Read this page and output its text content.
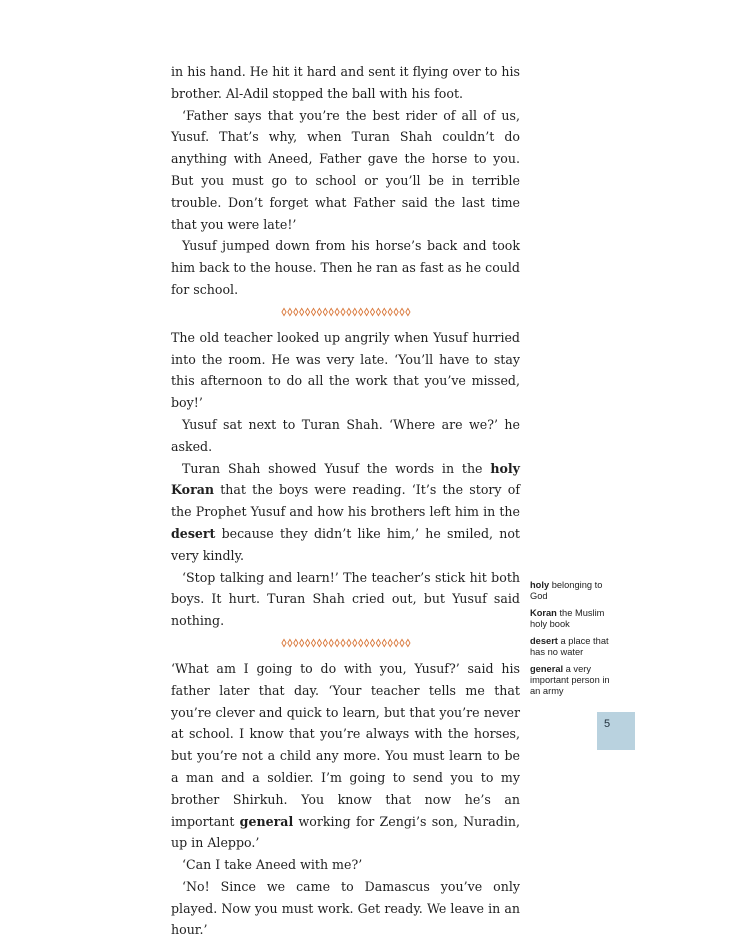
in his hand. He hit it hard and sent it flying over to his brother. Al-Adil stopped the ball with his foot.

‘Father says that you’re the best rider of all of us, Yusuf. That’s why, when Turan Shah couldn’t do anything with Aneed, Father gave the horse to you. But you must go to school or you’ll be in terrible trouble. Don’t forget what Father said the last time that you were late!’

Yusuf jumped down from his horse’s back and took him back to the house. Then he ran as fast as he could for school.

The old teacher looked up angrily when Yusuf hurried into the room. He was very late. ‘You’ll have to stay this afternoon to do all the work that you’ve missed, boy!’

Yusuf sat next to Turan Shah. ‘Where are we?’ he asked.

Turan Shah showed Yusuf the words in the holy Koran that the boys were reading. ‘It’s the story of the Prophet Yusuf and how his brothers left him in the desert because they didn’t like him,’ he smiled, not very kindly.

‘Stop talking and learn!’ The teacher’s stick hit both boys. It hurt. Turan Shah cried out, but Yusuf said nothing.

‘What am I going to do with you, Yusuf?’ said his father later that day. ‘Your teacher tells me that you’re clever and quick to learn, but that you’re never at school. I know that you’re always with the horses, but you’re not a child any more. You must learn to be a man and a soldier. I’m going to send you to my brother Shirkuh. You know that now he’s an important general working for Zengi’s son, Nuradin, up in Aleppo.’

‘Can I take Aneed with me?’

‘No! Since we came to Damascus you’ve only played. Now you must work. Get ready. We leave in an hour.’

holy belonging to God
Koran the Muslim holy book
desert a place that has no water
general a very important person in an army
5
